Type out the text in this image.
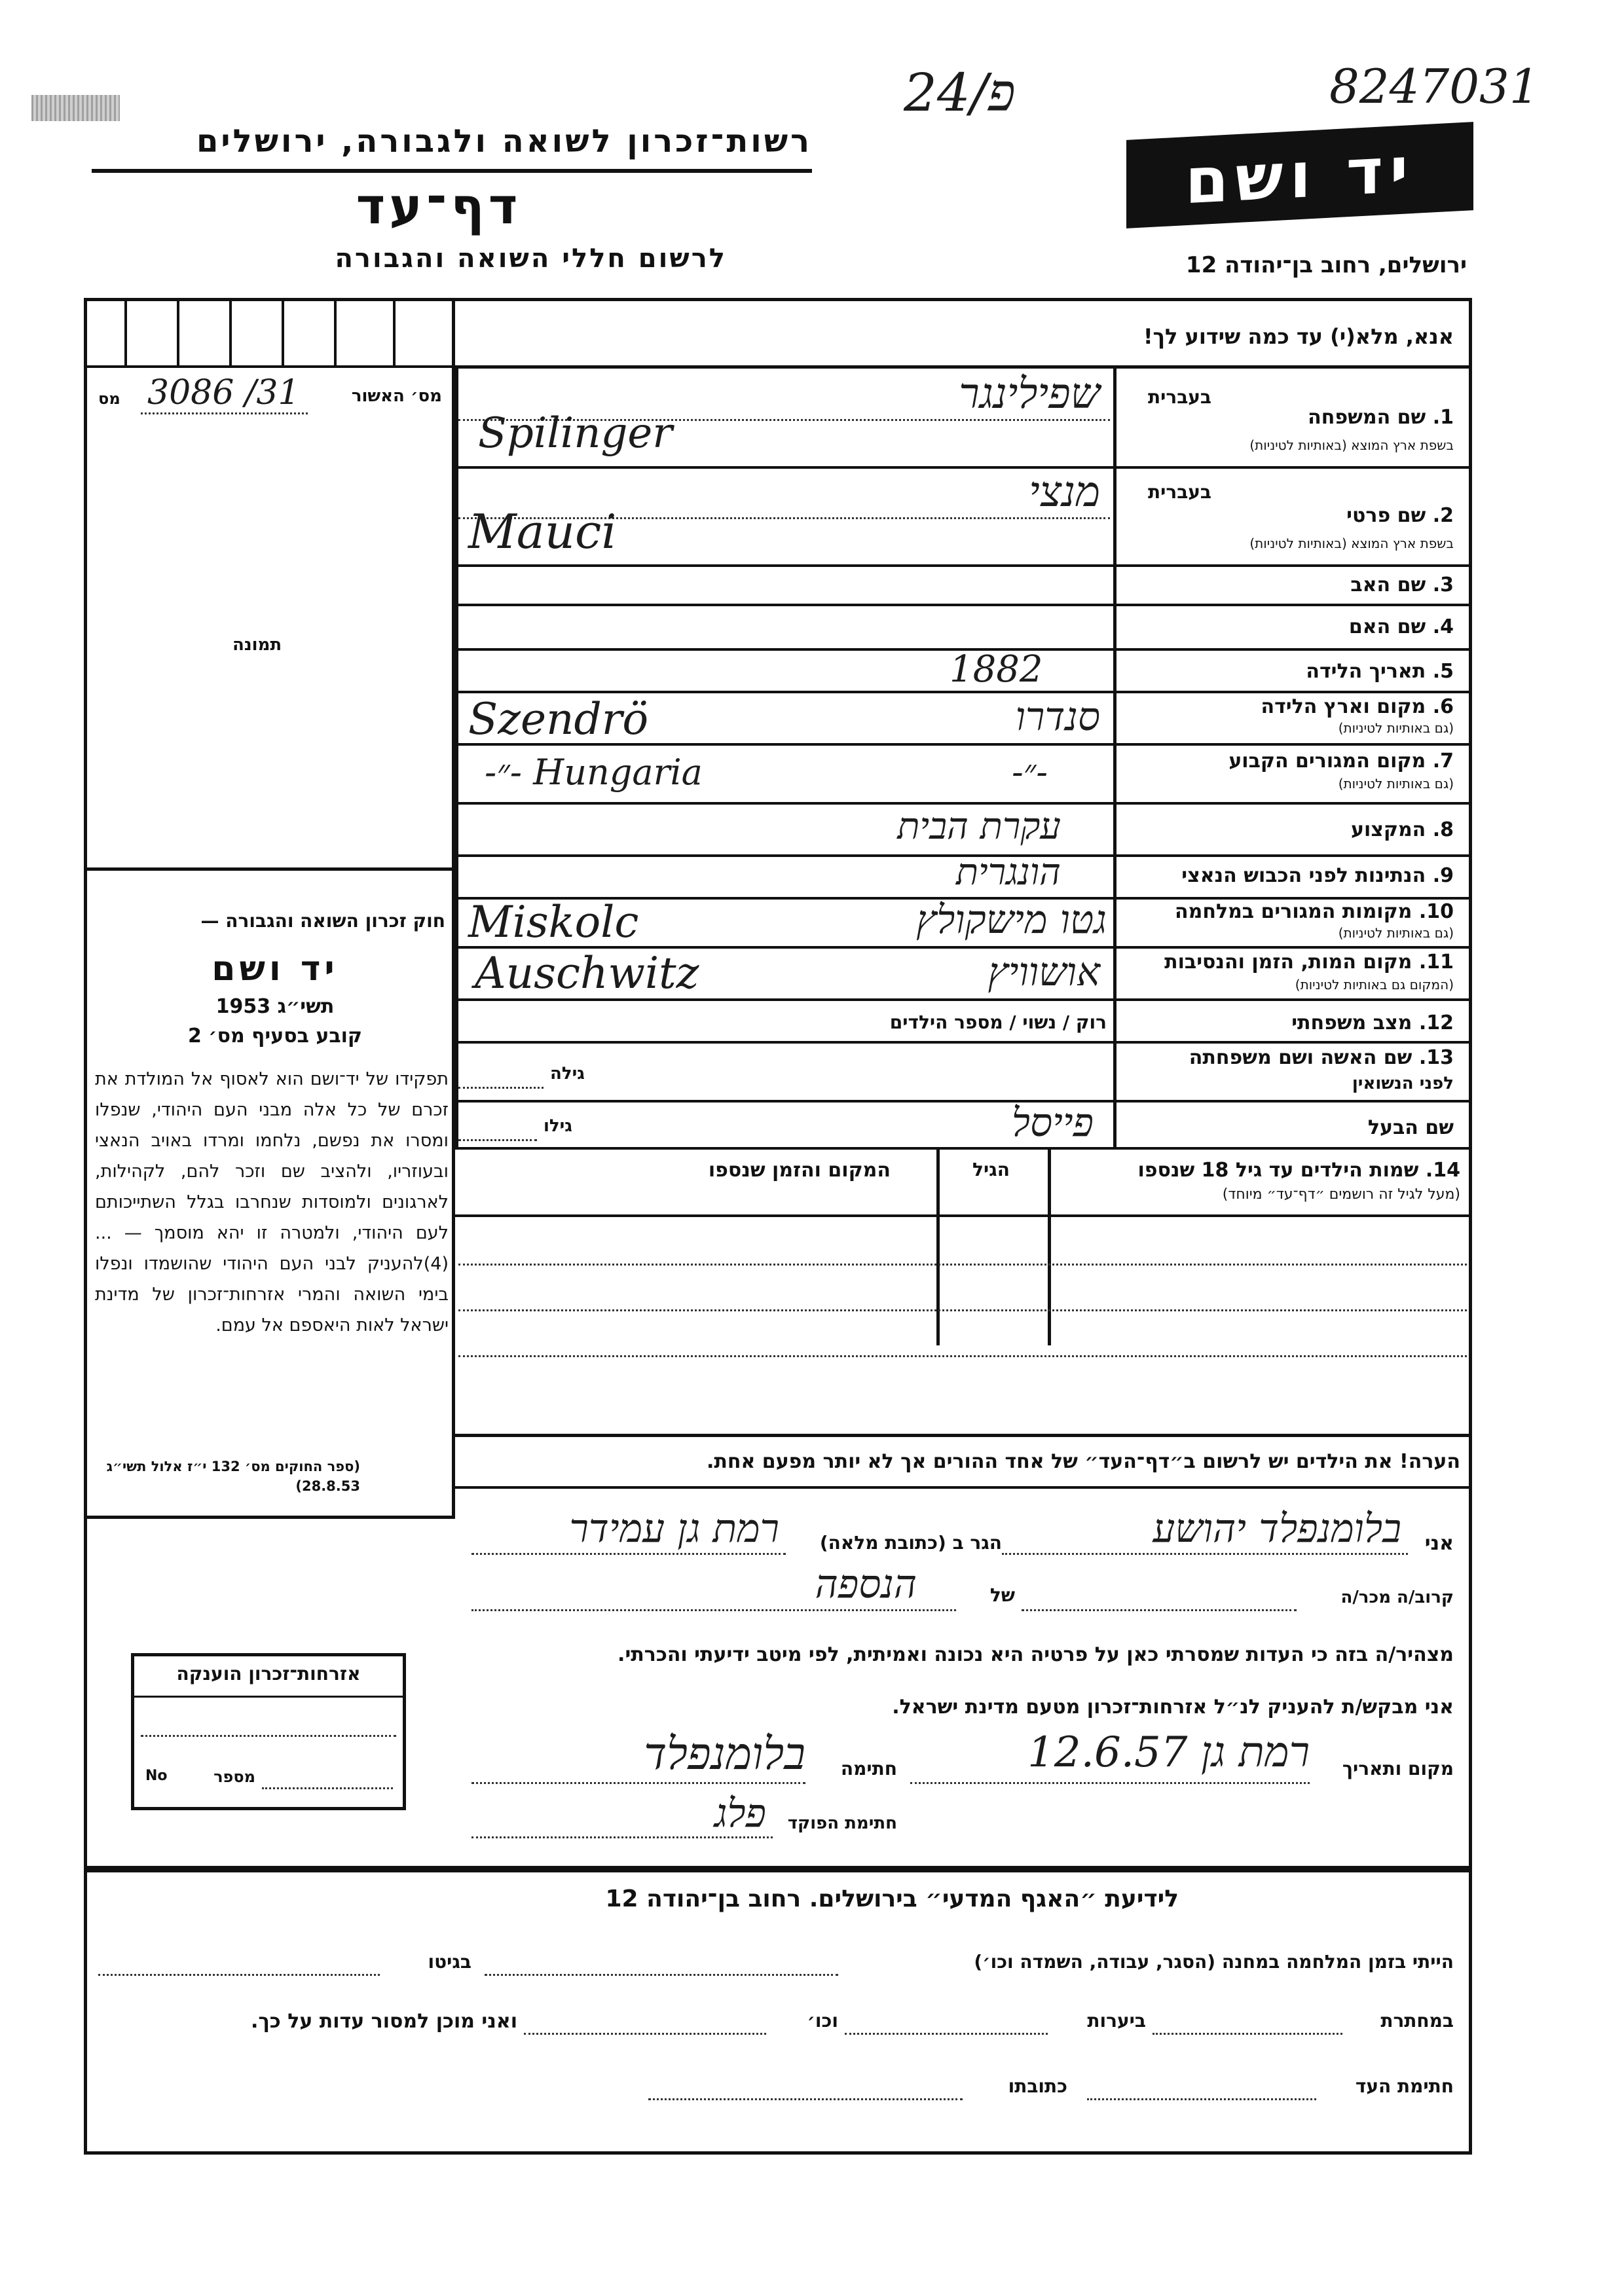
רשות־זכרון לשואה ולגבורה, ירושלים
דף־עד
לרשום חללי השואה והגבורה
פ/24	8247031
יד ושם
ירושלים, רחוב בן־יהודה 12
מס׳ האשור
3086 /31
מס
תמונה
אנא, מלא(י) עד כמה שידוע לך!
בעברית
1. שם המשפחה
בשפת ארץ המוצא (באותיות לטיניות)
שפילינגר
Spilinger
בעברית
2. שם פרטי
בשפת ארץ המוצא (באותיות לטיניות)
מנצי
Mauci
3. שם האב
4. שם האם
5. תאריך הלידה
1882
6. מקום וארץ הלידה
(גם באותיות לטיניות)
Szendrö	סנדרו
7. מקום המגורים הקבוע
(גם באותיות לטיניות)
-״- Hungaria	-״-
8. המקצוע
עקרת הבית
9. הנתינות לפני הכבוש הנאצי
הונגרית
10. מקומות המגורים במלחמה
(גם באותיות לטיניות)
Miskolc	גטו מישקולץ
11. מקום המות, הזמן והנסיבות
(המקום גם באותיות לטיניות)
Auschwitz	אושוויץ
12. מצב משפחתי
רוק / נשוי / מספר הילדים
13. שם האשה ושם משפחתה
לפני הנשואין
גילה
שם הבעל
פייסל
גילו
14. שמות הילדים עד גיל 18 שנספו
(מעל לגיל זה רושמים ״דף־עד״ מיוחד)
הגיל
המקום והזמן שנספו
חוק זכרון השואה והגבורה —
יד ושם
תשי״ג 1953
קובע בסעיף מס׳ 2
תפקידו של יד־ושם הוא לאסוף אל המולדת את זכרם של כל אלה מבני העם היהודי, שנפלו ומסרו את נפשם, נלחמו ומרדו באויב הנאצי ובעוזריו, ולהציב שם וזכר להם, לקהילות, לארגונים ולמוסדות שנחרבו בגלל השתייכותם לעם היהודי, ולמטרה זו יהא מוסמך — ...(4)להעניק לבני העם היהודי שהושמדו ונפלו בימי השואה והמרי אזרחות־זכרון של מדינת ישראל לאות היאספם אל עמם.
(ספר החוקים מס׳ 132 י״ז אלול תשי״ג 28.8.53)
הערה! את הילדים יש לרשום ב״דף־העד״ של אחד ההורים אך לא יותר מפעם אחת.
אני
בלומנפלד יהושע
הגר ב (כתובת מלאה)
רמת גן עמידר
קרוב/ה מכר/ה
של
הנספה
מצהיר/ה בזה כי העדות שמסרתי כאן על פרטיה היא נכונה ואמיתית, לפי מיטב ידיעתי והכרתי.
אני מבקש/ת להעניק לנ״ל אזרחות־זכרון מטעם מדינת ישראל.
מקום ותאריך
רמת גן 12.6.57
חתימה
בלומנפלד
חתימת הפוקד
פלג
אזרחות־זכרון הוענקה
No	מספר
לידיעת ״האגף המדעי״ בירושלים. רחוב בן־יהודה 12
הייתי בזמן המלחמה במחנה (הסגר, עבודה, השמדה וכו׳)
בגיטו
במחתרת
ביערות
וכו׳
ואני מוכן למסור עדות על כך.
חתימת העד
כתובתו
